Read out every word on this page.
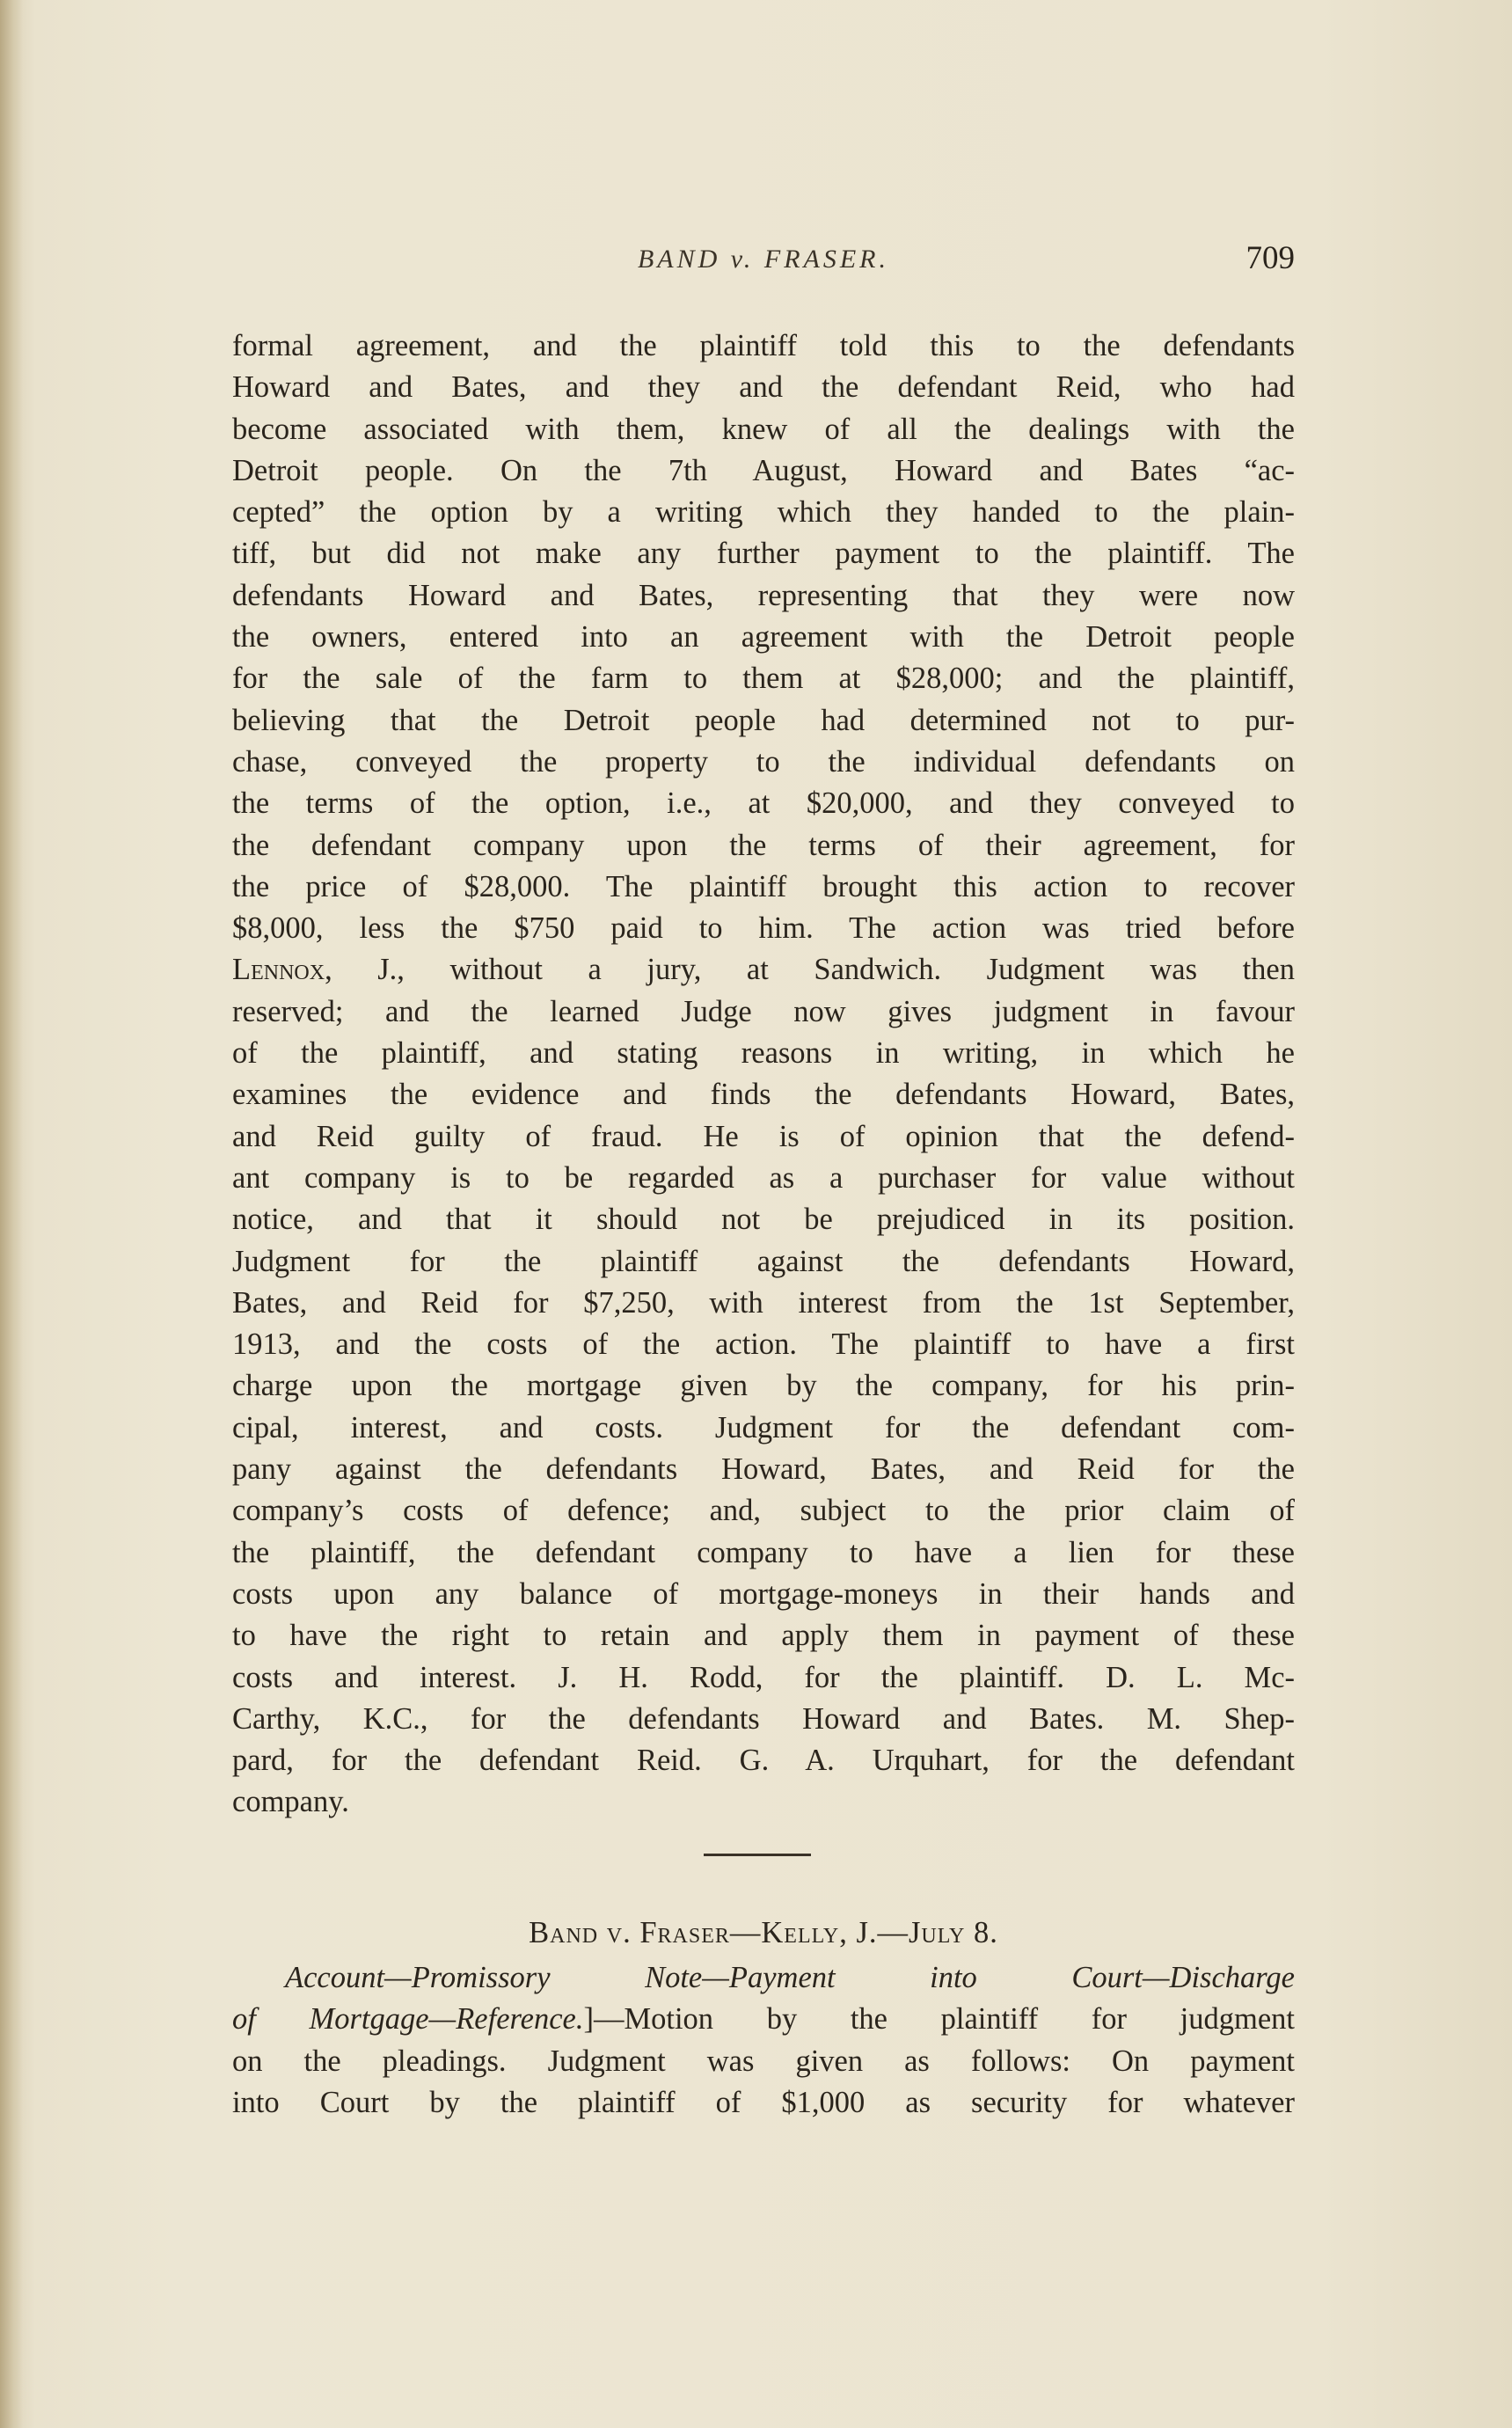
BAND v. FRASER.	709
formal agreement, and the plaintiff told this to the defendants
Howard and Bates, and they and the defendant Reid, who had
become associated with them, knew of all the dealings with the
Detroit people. On the 7th August, Howard and Bates “ac-
cepted” the option by a writing which they handed to the plain-
tiff, but did not make any further payment to the plaintiff. The
defendants Howard and Bates, representing that they were now
the owners, entered into an agreement with the Detroit people
for the sale of the farm to them at $28,000; and the plaintiff,
believing that the Detroit people had determined not to pur-
chase, conveyed the property to the individual defendants on
the terms of the option, i.e., at $20,000, and they conveyed to
the defendant company upon the terms of their agreement, for
the price of $28,000. The plaintiff brought this action to recover
$8,000, less the $750 paid to him. The action was tried before
Lennox, J., without a jury, at Sandwich. Judgment was then
reserved; and the learned Judge now gives judgment in favour
of the plaintiff, and stating reasons in writing, in which he
examines the evidence and finds the defendants Howard, Bates,
and Reid guilty of fraud. He is of opinion that the defend-
ant company is to be regarded as a purchaser for value without
notice, and that it should not be prejudiced in its position.
Judgment for the plaintiff against the defendants Howard,
Bates, and Reid for $7,250, with interest from the 1st September,
1913, and the costs of the action. The plaintiff to have a first
charge upon the mortgage given by the company, for his prin-
cipal, interest, and costs. Judgment for the defendant com-
pany against the defendants Howard, Bates, and Reid for the
company’s costs of defence; and, subject to the prior claim of
the plaintiff, the defendant company to have a lien for these
costs upon any balance of mortgage-moneys in their hands and
to have the right to retain and apply them in payment of these
costs and interest. J. H. Rodd, for the plaintiff. D. L. Mc-
Carthy, K.C., for the defendants Howard and Bates. M. Shep-
pard, for the defendant Reid. G. A. Urquhart, for the defendant
company.
Band v. Fraser—Kelly, J.—July 8.
Account—Promissory Note—Payment into Court—Discharge
of Mortgage—Reference.]—Motion by the plaintiff for judgment
on the pleadings. Judgment was given as follows: On payment
into Court by the plaintiff of $1,000 as security for whatever
